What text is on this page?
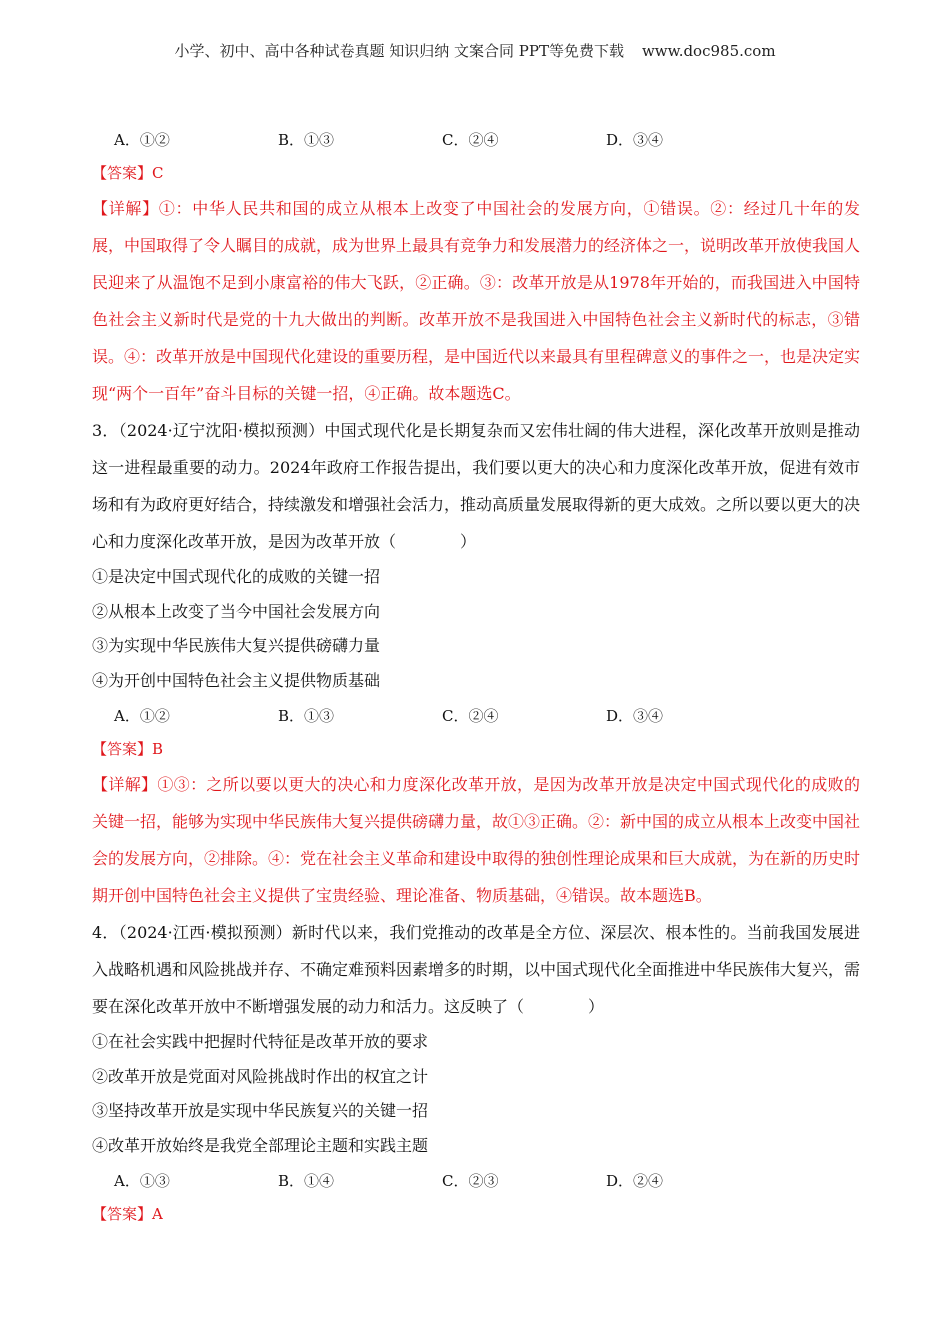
小学、初中、高中各种试卷真题 知识归纳 文案合同 PPT等免费下载 www.doc985.com
A．①②	B．①③	C．②④	D．③④
【答案】C

【详解】①：中华人民共和国的成立从根本上改变了中国社会的发展方向，①错误。②：经过几十年的发展，中国取得了令人瞩目的成就，成为世界上最具有竞争力和发展潜力的经济体之一，说明改革开放使我国人民迎来了从温饱不足到小康富裕的伟大飞跃，②正确。③：改革开放是从1978年开始的，而我国进入中国特色社会主义新时代是党的十九大做出的判断。改革开放不是我国进入中国特色社会主义新时代的标志，③错误。④：改革开放是中国现代化建设的重要历程，是中国近代以来最具有里程碑意义的事件之一，也是决定实现“两个一百年”奋斗目标的关键一招，④正确。故本题选C。

3．（2024·辽宁沈阳·模拟预测）中国式现代化是长期复杂而又宏伟壮阔的伟大进程，深化改革开放则是推动这一进程最重要的动力。2024年政府工作报告提出，我们要以更大的决心和力度深化改革开放，促进有效市场和有为政府更好结合，持续激发和增强社会活力，推动高质量发展取得新的更大成效。之所以要以更大的决心和力度深化改革开放，是因为改革开放（　　　　）

①是决定中国式现代化的成败的关键一招
②从根本上改变了当今中国社会发展方向
③为实现中华民族伟大复兴提供磅礴力量
④为开创中国特色社会主义提供物质基础
A．①②	B．①③	C．②④	D．③④
【答案】B

【详解】①③：之所以要以更大的决心和力度深化改革开放，是因为改革开放是决定中国式现代化的成败的关键一招，能够为实现中华民族伟大复兴提供磅礴力量，故①③正确。②：新中国的成立从根本上改变中国社会的发展方向，②排除。④：党在社会主义革命和建设中取得的独创性理论成果和巨大成就，为在新的历史时期开创中国特色社会主义提供了宝贵经验、理论准备、物质基础，④错误。故本题选B。

4．（2024·江西·模拟预测）新时代以来，我们党推动的改革是全方位、深层次、根本性的。当前我国发展进入战略机遇和风险挑战并存、不确定难预料因素增多的时期，以中国式现代化全面推进中华民族伟大复兴，需要在深化改革开放中不断增强发展的动力和活力。这反映了（　　　　）

①在社会实践中把握时代特征是改革开放的要求
②改革开放是党面对风险挑战时作出的权宜之计
③坚持改革开放是实现中华民族复兴的关键一招
④改革开放始终是我党全部理论主题和实践主题
A．①③	B．①④	C．②③	D．②④
【答案】A
